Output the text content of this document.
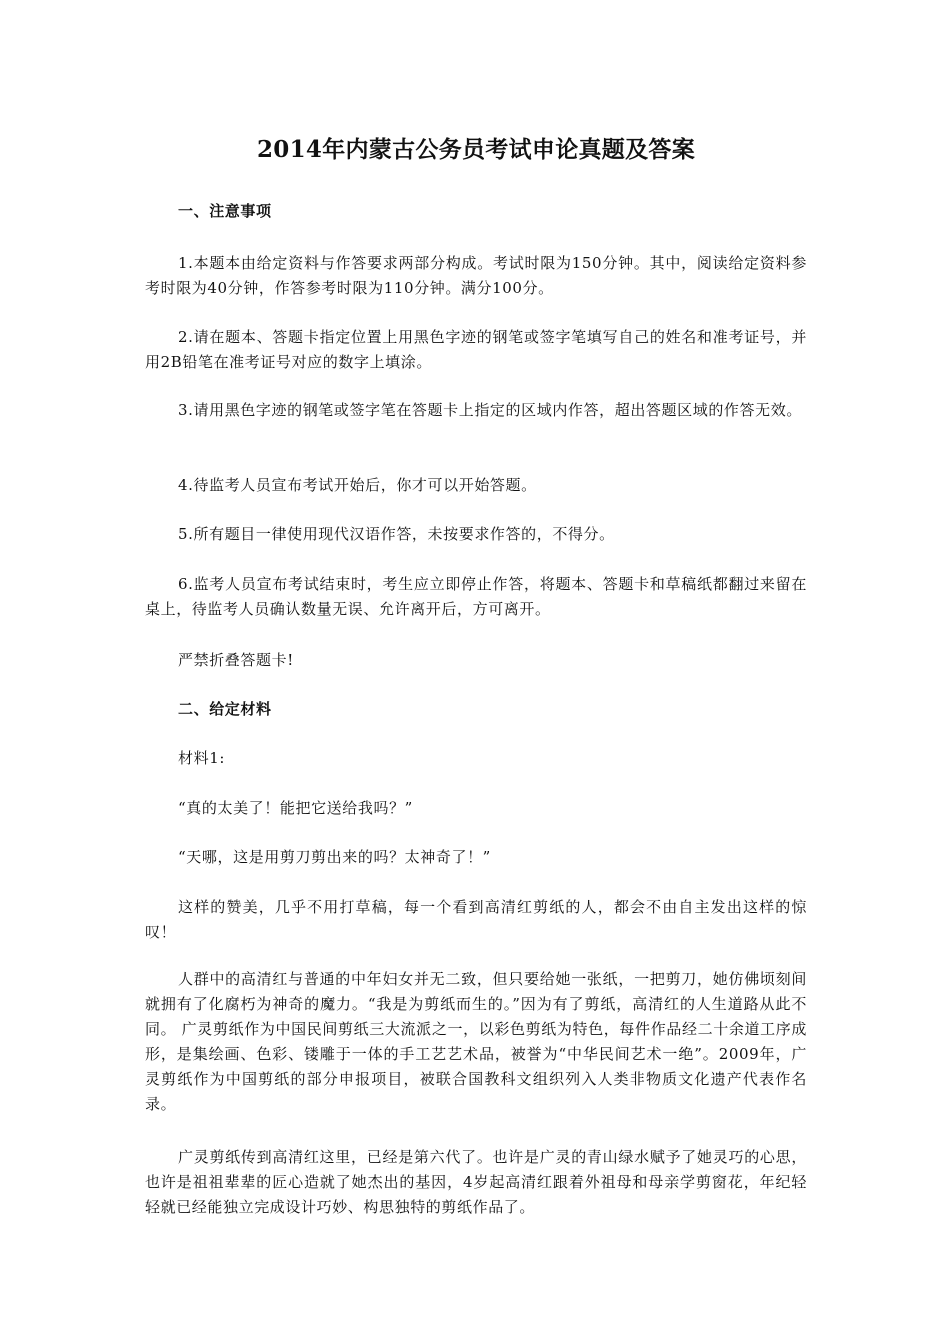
2014年内蒙古公务员考试申论真题及答案
一、注意事项
1.本题本由给定资料与作答要求两部分构成。考试时限为150分钟。其中，阅读给定资料参考时限为40分钟，作答参考时限为110分钟。满分100分。
2.请在题本、答题卡指定位置上用黑色字迹的钢笔或签字笔填写自己的姓名和准考证号，并用2B铅笔在准考证号对应的数字上填涂。
3.请用黑色字迹的钢笔或签字笔在答题卡上指定的区域内作答，超出答题区域的作答无效。
4.待监考人员宣布考试开始后，你才可以开始答题。
5.所有题目一律使用现代汉语作答，未按要求作答的，不得分。
6.监考人员宣布考试结束时，考生应立即停止作答，将题本、答题卡和草稿纸都翻过来留在桌上，待监考人员确认数量无误、允许离开后，方可离开。
严禁折叠答题卡!
二、给定材料
材料1:
“真的太美了！能把它送给我吗？”
“天哪，这是用剪刀剪出来的吗？太神奇了！”
这样的赞美，几乎不用打草稿，每一个看到高清红剪纸的人，都会不由自主发出这样的惊叹！
人群中的高清红与普通的中年妇女并无二致，但只要给她一张纸，一把剪刀，她仿佛顷刻间就拥有了化腐朽为神奇的魔力。“我是为剪纸而生的。”因为有了剪纸，高清红的人生道路从此不同。 广灵剪纸作为中国民间剪纸三大流派之一，以彩色剪纸为特色，每件作品经二十余道工序成形，是集绘画、色彩、镂雕于一体的手工艺艺术品，被誉为“中华民间艺术一绝”。2009年，广灵剪纸作为中国剪纸的部分申报项目，被联合国教科文组织列入人类非物质文化遗产代表作名录。
广灵剪纸传到高清红这里，已经是第六代了。也许是广灵的青山绿水赋予了她灵巧的心思，也许是祖祖辈辈的匠心造就了她杰出的基因，4岁起高清红跟着外祖母和母亲学剪窗花，年纪轻轻就已经能独立完成设计巧妙、构思独特的剪纸作品了。
